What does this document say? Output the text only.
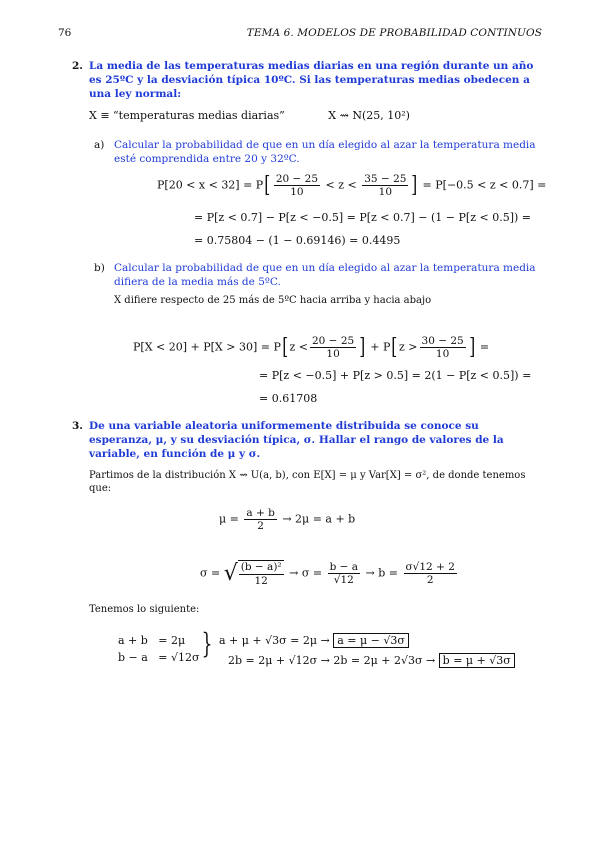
76	TEMA 6. MODELOS DE PROBABILIDAD CONTINUOS
2. La media de las temperaturas medias diarias en una región durante un año es 25ºC y la desviación típica 10ºC. Si las temperaturas medias obedecen a una ley normal:
X ≡ “temperaturas medias diarias”	X ⇝ N(25, 10²)
a) Calcular la probabilidad de que en un día elegido al azar la temperatura media esté comprendida entre 20 y 32ºC.
$P[20 < x < 32] = P[ \frac{20 - 25}{10} < z < \frac{35 - 25}{10}$ ] = P[−0.5 < z < 0.7] =
= P[z < 0.7] − P[z < −0.5] = P[z < 0.7] − (1 − P[z < 0.5]) =
= 0.75804 − (1 − 0.69146) = 0.4495
b) Calcular la probabilidad de que en un día elegido al azar la temperatura media difiera de la media más de 5ºC.
X difiere respecto de 25 más de 5ºC hacia arriba y hacia abajo
$P[X < 20] + P[X > 30] = P[z < \frac{20 - 25}{10}$ ] + $P[z > \frac{30 - 25}{10}$ ] =
= P[z < −0.5] + P[z > 0.5] = 2(1 − P[z < 0.5]) =
= 0.61708
3. De una variable aleatoria uniformemente distribuida se conoce su esperanza, μ, y su desviación típica, σ. Hallar el rango de valores de la variable, en función de μ y σ.
Partimos de la distribución X ⇝ U(a, b), con E[X] = μ y Var[X] = σ², de donde tenemos que:
$\mu = \frac{a + b}{2} \to 2\mu = a + b$
σ = √ $\frac{\text{(b − a)²}}{12} \to \sigma = \frac{b - a}{√12} \to b = \frac{\sigma√12 + 2}{2}$
Tenemos lo siguiente:
a + b   = 2μ
b − a   = √12σ } a + μ + √3σ = 2μ → a = μ − √3σ
2b = 2μ + √12σ → 2b = 2μ + 2√3σ → b = μ + √3σ
